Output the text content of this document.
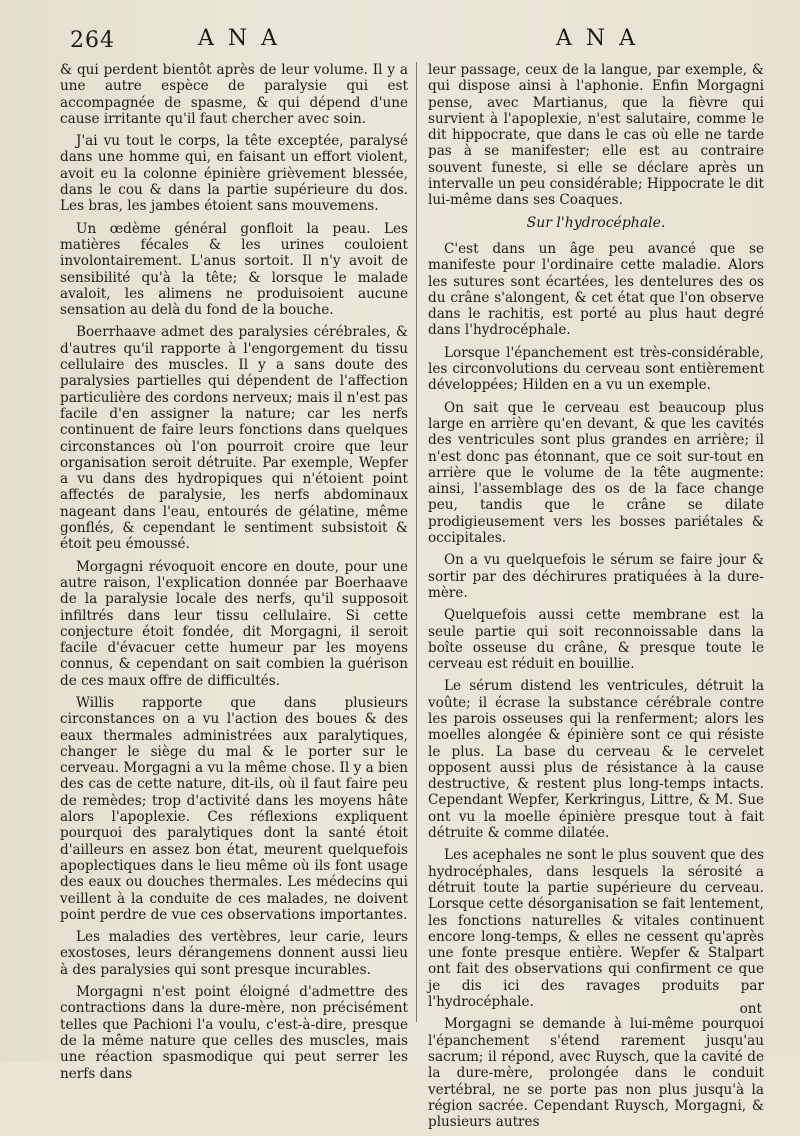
264	ANA	ANA

& qui perdent bientôt après de leur volume. Il y a une autre espèce de paralysie qui est accompagnée de spasme, & qui dépend d'une cause irritante qu'il faut chercher avec soin.

J'ai vu tout le corps, la tête exceptée, paralysé dans une homme qui, en faisant un effort violent, avoit eu la colonne épinière grièvement blessée, dans le cou & dans la partie supérieure du dos. Les bras, les jambes étoient sans mouvemens.

Un œdème général gonfloit la peau. Les matières fécales & les urines couloient involontairement. L'anus sortoit. Il n'y avoit de sensibilité qu'à la tête; & lorsque le malade avaloit, les alimens ne produisoient aucune sensation au delà du fond de la bouche.

Boerrhaave admet des paralysies cérébrales, & d'autres qu'il rapporte à l'engorgement du tissu cellulaire des muscles. Il y a sans doute des paralysies partielles qui dépendent de l'affection particulière des cordons nerveux; mais il n'est pas facile d'en assigner la nature; car les nerfs continuent de faire leurs fonctions dans quelques circonstances où l'on pourroit croire que leur organisation seroit détruite. Par exemple, Wepfer a vu dans des hydropiques qui n'étoient point affectés de paralysie, les nerfs abdominaux nageant dans l'eau, entourés de gélatine, même gonflés, & cependant le sentiment subsistoit & étoit peu émoussé.

Morgagni révoquoit encore en doute, pour une autre raison, l'explication donnée par Boerhaave de la paralysie locale des nerfs, qu'il supposoit infiltrés dans leur tissu cellulaire. Si cette conjecture étoit fondée, dit Morgagni, il seroit facile d'évacuer cette humeur par les moyens connus, & cependant on sait combien la guérison de ces maux offre de difficultés.

Willis rapporte que dans plusieurs circonstances on a vu l'action des boues & des eaux thermales administrées aux paralytiques, changer le siège du mal & le porter sur le cerveau. Morgagni a vu la même chose. Il y a bien des cas de cette nature, dit-ils, où il faut faire peu de remèdes; trop d'activité dans les moyens hâte alors l'apoplexie. Ces réflexions expliquent pourquoi des paralytiques dont la santé étoit d'ailleurs en assez bon état, meurent quelquefois apoplectiques dans le lieu même où ils font usage des eaux ou douches thermales. Les médecins qui veillent à la conduite de ces malades, ne doivent point perdre de vue ces observations importantes.

Les maladies des vertèbres, leur carie, leurs exostoses, leurs dérangemens donnent aussi lieu à des paralysies qui sont presque incurables.

Morgagni n'est point éloigné d'admettre des contractions dans la dure-mère, non précisément telles que Pachioni l'a voulu, c'est-à-dire, presque de la même nature que celles des muscles, mais une réaction spasmodique qui peut serrer les nerfs dans

leur passage, ceux de la langue, par exemple, & qui dispose ainsi à l'aphonie. Enfin Morgagni pense, avec Martianus, que la fièvre qui survient à l'apoplexie, n'est salutaire, comme le dit hippocrate, que dans le cas où elle ne tarde pas à se manifester; elle est au contraire souvent funeste, si elle se déclare après un intervalle un peu considérable; Hippocrate le dit lui-même dans ses Coaques.

Sur l'hydrocéphale.

C'est dans un âge peu avancé que se manifeste pour l'ordinaire cette maladie. Alors les sutures sont écartées, les dentelures des os du crâne s'alongent, & cet état que l'on observe dans le rachitis, est porté au plus haut degré dans l'hydrocéphale.

Lorsque l'épanchement est très-considérable, les circonvolutions du cerveau sont entièrement développées; Hilden en a vu un exemple.

On sait que le cerveau est beaucoup plus large en arrière qu'en devant, & que les cavités des ventricules sont plus grandes en arrière; il n'est donc pas étonnant, que ce soit sur-tout en arrière que le volume de la tête augmente: ainsi, l'assemblage des os de la face change peu, tandis que le crâne se dilate prodigieusement vers les bosses pariétales & occipitales.

On a vu quelquefois le sérum se faire jour & sortir par des déchirures pratiquées à la dure-mère.

Quelquefois aussi cette membrane est la seule partie qui soit reconnoissable dans la boîte osseuse du crâne, & presque toute le cerveau est réduit en bouillie.

Le sérum distend les ventricules, détruit la voûte; il écrase la substance cérébrale contre les parois osseuses qui la renferment; alors les moelles alongée & épinière sont ce qui résiste le plus. La base du cerveau & le cervelet opposent aussi plus de résistance à la cause destructive, & restent plus long-temps intacts. Cependant Wepfer, Kerkringus, Littre, & M. Sue ont vu la moelle épinière presque tout à fait détruite & comme dilatée.

Les acephales ne sont le plus souvent que des hydrocéphales, dans lesquels la sérosité a détruit toute la partie supérieure du cerveau. Lorsque cette désorganisation se fait lentement, les fonctions naturelles & vitales continuent encore long-temps, & elles ne cessent qu'après une fonte presque entière. Wepfer & Stalpart ont fait des observations qui confirment ce que je dis ici des ravages produits par l'hydrocéphale.

Morgagni se demande à lui-même pourquoi l'épanchement s'étend rarement jusqu'au sacrum; il répond, avec Ruysch, que la cavité de la dure-mère, prolongée dans le conduit vertébral, ne se porte pas non plus jusqu'à la région sacrée. Cependant Ruysch, Morgagni, & plusieurs autres

ont
